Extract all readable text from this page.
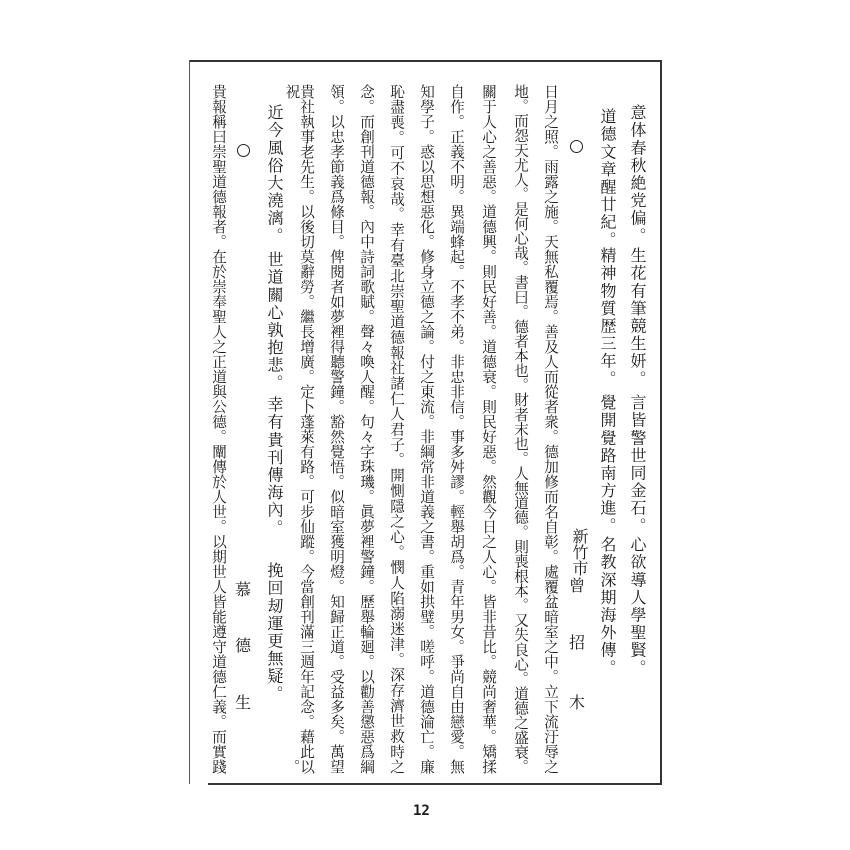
意体春秋絶党偏。
生花有筆競生妍。
言皆警世同金石。
心欲導人學聖賢。
道德文章醒廿紀。
精神物質歴三年。
覺開覺路南方進。
名教深期海外傳。
新竹市
曾
招
木
日月之照。雨露之施。天無私覆焉。善及人而從者衆。德加修而名自彰。處覆盆暗室之中。立下流汙辱之
地。而怨天尤人。是何心哉。書曰。德者本也。財者末也。人無道德。則喪根本。又失良心。道德之盛衰。
關于人心之善惡。道德興。則民好善。道德衰。則民好惡。然觀今日之人心。皆非昔比。競尚奢華。矯揉
自作。正義不明。異端蜂起。不孝不弟。非忠非信。事多舛謬。輕舉胡爲。青年男女。爭尚自由戀愛。無
知學子。惑以思想惡化。修身立德之論。付之東流。非綱常非道義之書。重如拱璧。嗟呼。道德淪亡。廉
恥盡喪。可不哀哉。幸有臺北崇聖道德報社諸仁人君子。開惻隱之心。憫人陷溺迷津。深存濟世救時之
念。而創刊道德報。內中詩詞歌賦。聲々喚人醒。句々字珠璣。眞夢裡警鐘。歷舉輪廻。以勸善懲惡爲綱
領。以忠孝節義爲條目。俾閱者如夢裡得聽警鐘。豁然覺悟。似暗室獲明燈。知歸正道。受益多矣。萬望
貴社執事老先生。以後切莫辭勞。繼長增廣。定卜蓬萊有路。可步仙蹤。今當創刊滿三週年記念。藉此以祝。
近今風俗大澆漓。
世道關心孰抱悲。
幸有貴刊傳海內。
挽回刼運更無疑。
慕
德
生
貴報稱曰崇聖道德報者。在於崇奉聖人之正道與公德。闡傳於人世。以期世人皆能遵守道德仁義。而實踐
12
